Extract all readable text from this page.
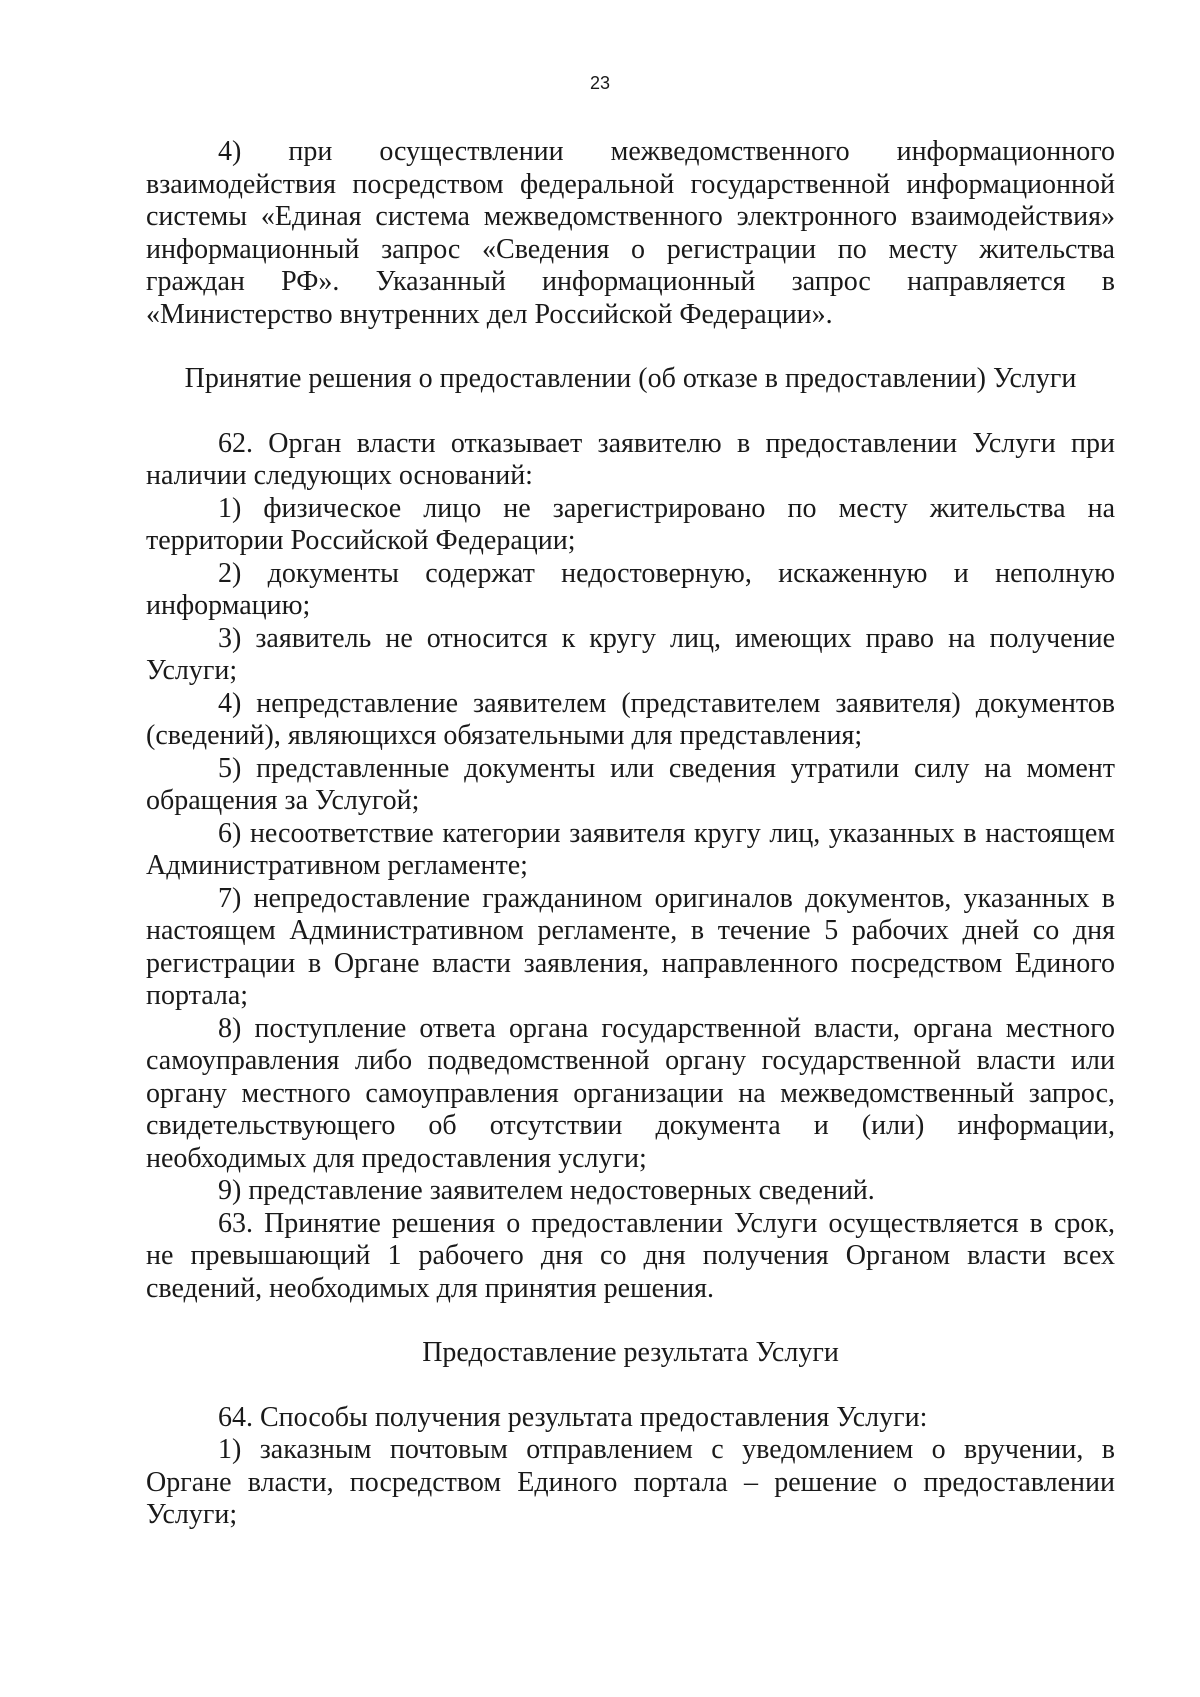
23

4) при осуществлении межведомственного информационного взаимодействия посредством федеральной государственной информационной системы «Единая система межведомственного электронного взаимодействия» информационный запрос «Сведения о регистрации по месту жительства граждан РФ». Указанный информационный запрос направляется в «Министерство внутренних дел Российской Федерации».

Принятие решения о предоставлении (об отказе в предоставлении) Услуги

62. Орган власти отказывает заявителю в предоставлении Услуги при наличии следующих оснований:

1) физическое лицо не зарегистрировано по месту жительства на территории Российской Федерации;

2) документы содержат недостоверную, искаженную и неполную информацию;

3) заявитель не относится к кругу лиц, имеющих право на получение Услуги;

4) непредставление заявителем (представителем заявителя) документов (сведений), являющихся обязательными для представления;

5) представленные документы или сведения утратили силу на момент обращения за Услугой;

6) несоответствие категории заявителя кругу лиц, указанных в настоящем Административном регламенте;

7) непредоставление гражданином оригиналов документов, указанных в настоящем Административном регламенте, в течение 5 рабочих дней со дня регистрации в Органе власти заявления, направленного посредством Единого портала;

8) поступление ответа органа государственной власти, органа местного самоуправления либо подведомственной органу государственной власти или органу местного самоуправления организации на межведомственный запрос, свидетельствующего об отсутствии документа и (или) информации, необходимых для предоставления услуги;

9) представление заявителем недостоверных сведений.

63. Принятие решения о предоставлении Услуги осуществляется в срок, не превышающий 1 рабочего дня со дня получения Органом власти всех сведений, необходимых для принятия решения.

Предоставление результата Услуги

64. Способы получения результата предоставления Услуги:

1) заказным почтовым отправлением с уведомлением о вручении, в Органе власти, посредством Единого портала – решение о предоставлении Услуги;
